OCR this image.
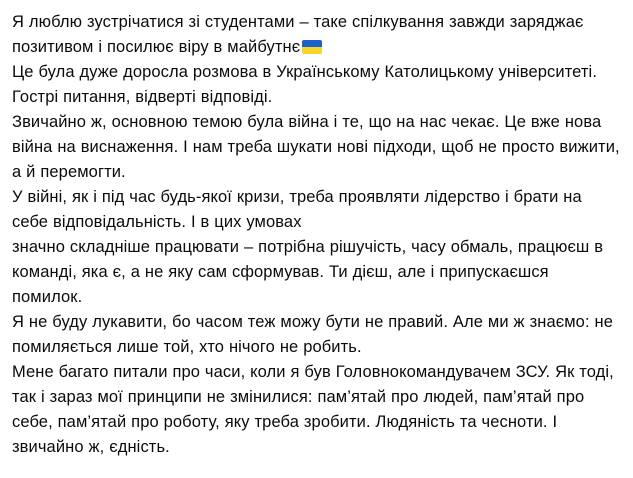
Я люблю зустрічатися зі студентами – таке спілкування завжди заряджає позитивом і посилює віру в майбутнє

Це була дуже доросла розмова в Українському Католицькому університеті. Гострі питання, відверті відповіді.

Звичайно ж, основною темою була війна і те, що на нас чекає. Це вже нова війна на виснаження. І нам треба шукати нові підходи, щоб не просто вижити, а й перемогти.

У війні, як і під час будь-якої кризи, треба проявляти лідерство і брати на себе відповідальність. І в цих умовах

значно складніше працювати – потрібна рішучість, часу обмаль, працюєш в команді, яка є, а не яку сам сформував. Ти дієш, але і припускаєшся помилок.

Я не буду лукавити, бо часом теж можу бути не правий. Але ми ж знаємо: не помиляється лише той, хто нічого не робить.

Мене багато питали про часи, коли я був Головнокомандувачем ЗСУ. Як тоді, так і зараз мої принципи не змінилися: пам’ятай про людей, пам’ятай про себе, пам’ятай про роботу, яку треба зробити. Людяність та чесноти. І звичайно ж, єдність.
